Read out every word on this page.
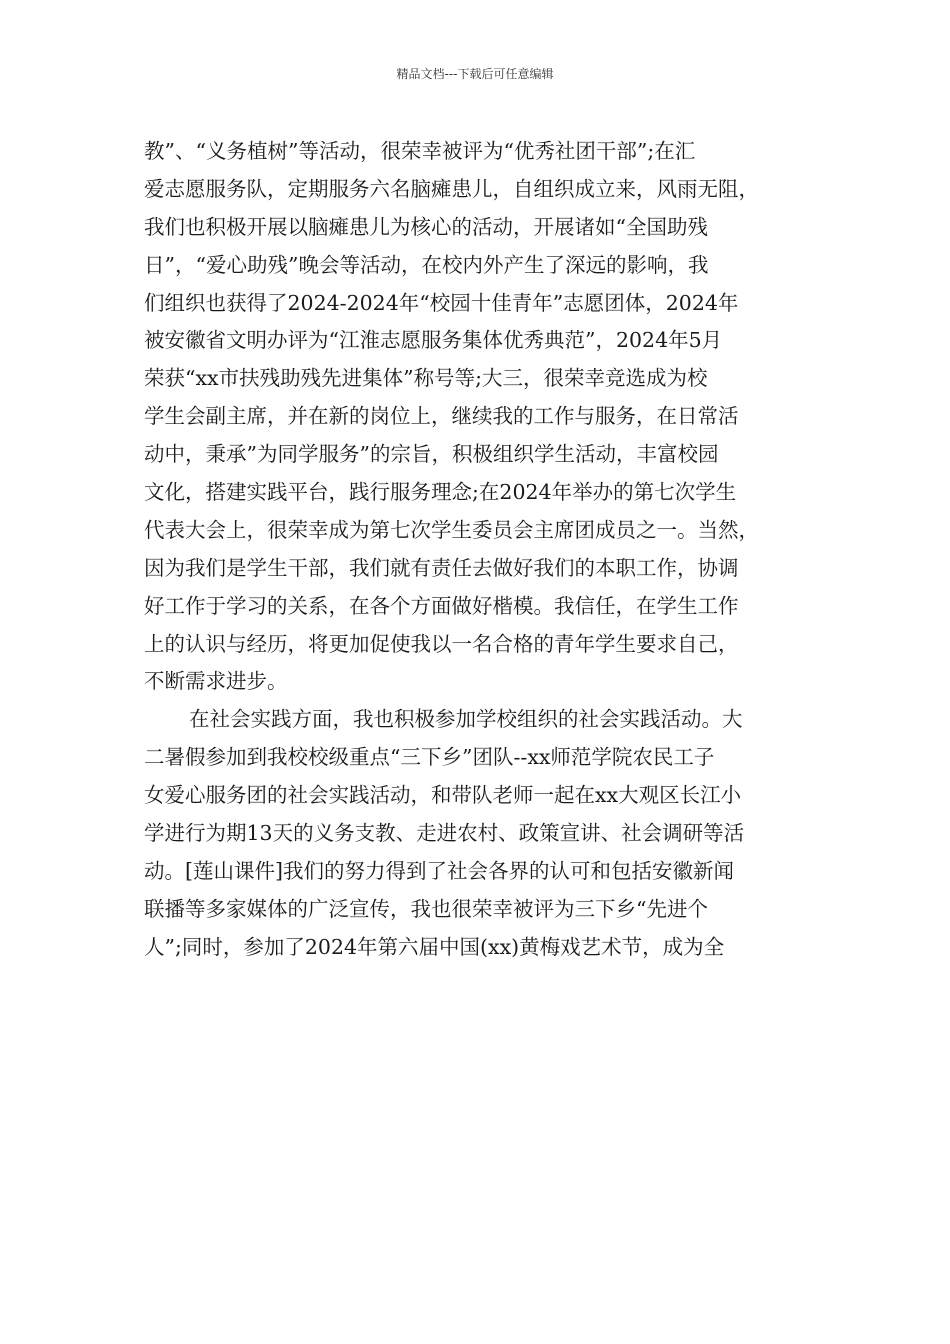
精品文档---下载后可任意编辑
教”、“义务植树”等活动，很荣幸被评为“优秀社团干部”;在汇
爱志愿服务队，定期服务六名脑瘫患儿，自组织成立来，风雨无阻，
我们也积极开展以脑瘫患儿为核心的活动，开展诸如“全国助残
日”，“爱心助残”晚会等活动，在校内外产生了深远的影响，我
们组织也获得了2024-2024年“校园十佳青年”志愿团体，2024年
被安徽省文明办评为“江淮志愿服务集体优秀典范”，2024年5月
荣获“xx市扶残助残先进集体”称号等;大三，很荣幸竞选成为校
学生会副主席，并在新的岗位上，继续我的工作与服务，在日常活
动中，秉承”为同学服务”的宗旨，积极组织学生活动，丰富校园
文化，搭建实践平台，践行服务理念;在2024年举办的第七次学生
代表大会上，很荣幸成为第七次学生委员会主席团成员之一。当然，
因为我们是学生干部，我们就有责任去做好我们的本职工作，协调
好工作于学习的关系，在各个方面做好楷模。我信任，在学生工作
上的认识与经历，将更加促使我以一名合格的青年学生要求自己，
不断需求进步。
在社会实践方面，我也积极参加学校组织的社会实践活动。大
二暑假参加到我校校级重点“三下乡”团队--xx师范学院农民工子
女爱心服务团的社会实践活动，和带队老师一起在xx大观区长江小
学进行为期13天的义务支教、走进农村、政策宣讲、社会调研等活
动。[莲山课件]我们的努力得到了社会各界的认可和包括安徽新闻
联播等多家媒体的广泛宣传，我也很荣幸被评为三下乡“先进个
人”;同时，参加了2024年第六届中国(xx)黄梅戏艺术节，成为全
